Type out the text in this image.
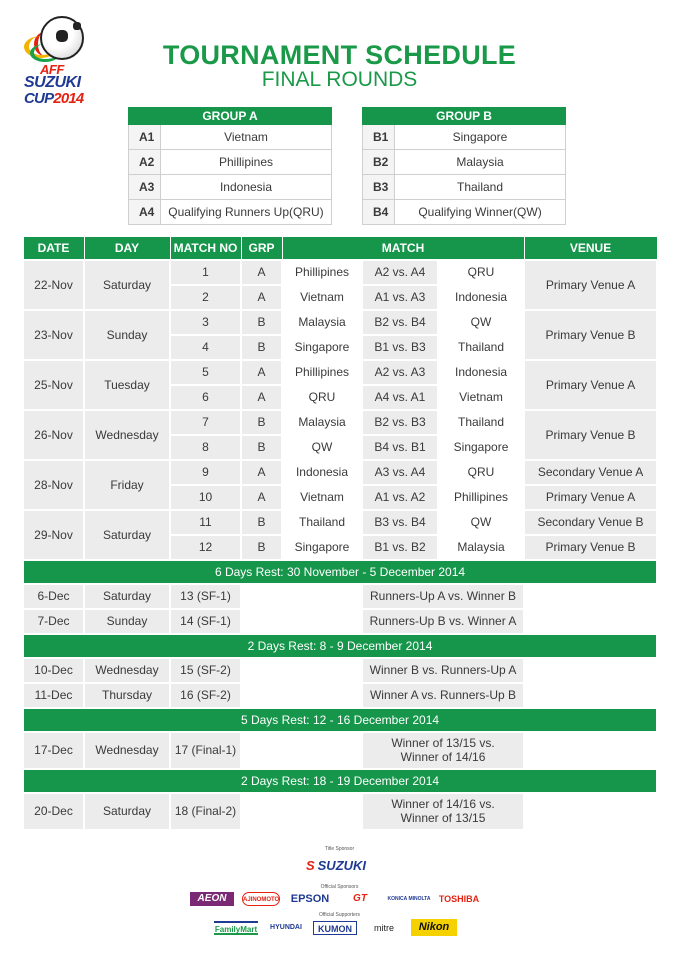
AFF
SUZUKI
CUP2014
TOURNAMENT SCHEDULE
FINAL ROUNDS
GROUP A	
A1	Vietnam
A2	Phillipines
A3	Indonesia
A4	Qualifying Runners Up(QRU)
GROUP B	
B1	Singapore
B2	Malaysia
B3	Thailand
B4	Qualifying Winner(QW)
DATE	DAY	MATCH NO	GRP	MATCH			VENUE
22-Nov	Saturday	1	A	Phillipines	A2 vs. A4	QRU	Primary Venue A
		2	A	Vietnam	A1 vs. A3	Indonesia	
23-Nov	Sunday	3	B	Malaysia	B2 vs. B4	QW	Primary Venue B
		4	B	Singapore	B1 vs. B3	Thailand	
25-Nov	Tuesday	5	A	Phillipines	A2 vs. A3	Indonesia	Primary Venue A
		6	A	QRU	A4 vs. A1	Vietnam	
26-Nov	Wednesday	7	B	Malaysia	B2 vs. B3	Thailand	Primary Venue B
		8	B	QW	B4 vs. B1	Singapore	
28-Nov	Friday	9	A	Indonesia	A3 vs. A4	QRU	Secondary Venue A
		10	A	Vietnam	A1 vs. A2	Phillipines	Primary Venue A
29-Nov	Saturday	11	B	Thailand	B3 vs. B4	QW	Secondary Venue B
		12	B	Singapore	B1 vs. B2	Malaysia	Primary Venue B
6 Days Rest: 30 November - 5 December 2014							
6-Dec	Saturday	13 (SF-1)			Runners-Up A vs. Winner B		
7-Dec	Sunday	14 (SF-1)			Runners-Up B vs. Winner A		
2 Days Rest: 8 - 9 December 2014							
10-Dec	Wednesday	15 (SF-2)			Winner B vs. Runners-Up A		
11-Dec	Thursday	16 (SF-2)			Winner A vs. Runners-Up B		
5 Days Rest: 12 - 16 December 2014							
17-Dec	Wednesday	17 (Final-1)			Winner of 13/15 vs.
Winner of 14/16		
2 Days Rest: 18 - 19 December 2014							
20-Dec	Saturday	18 (Final-2)			Winner of 14/16 vs.
Winner of 13/15		
Title Sponsor
S SUZUKI
Official Sponsors
AEON	AJINOMOTO EPSON	GT	KONICA MINOLTA TOSHIBA
Official Supporters
FamilyMart	HYUNDAI	KUMON	mitre	Nikon
